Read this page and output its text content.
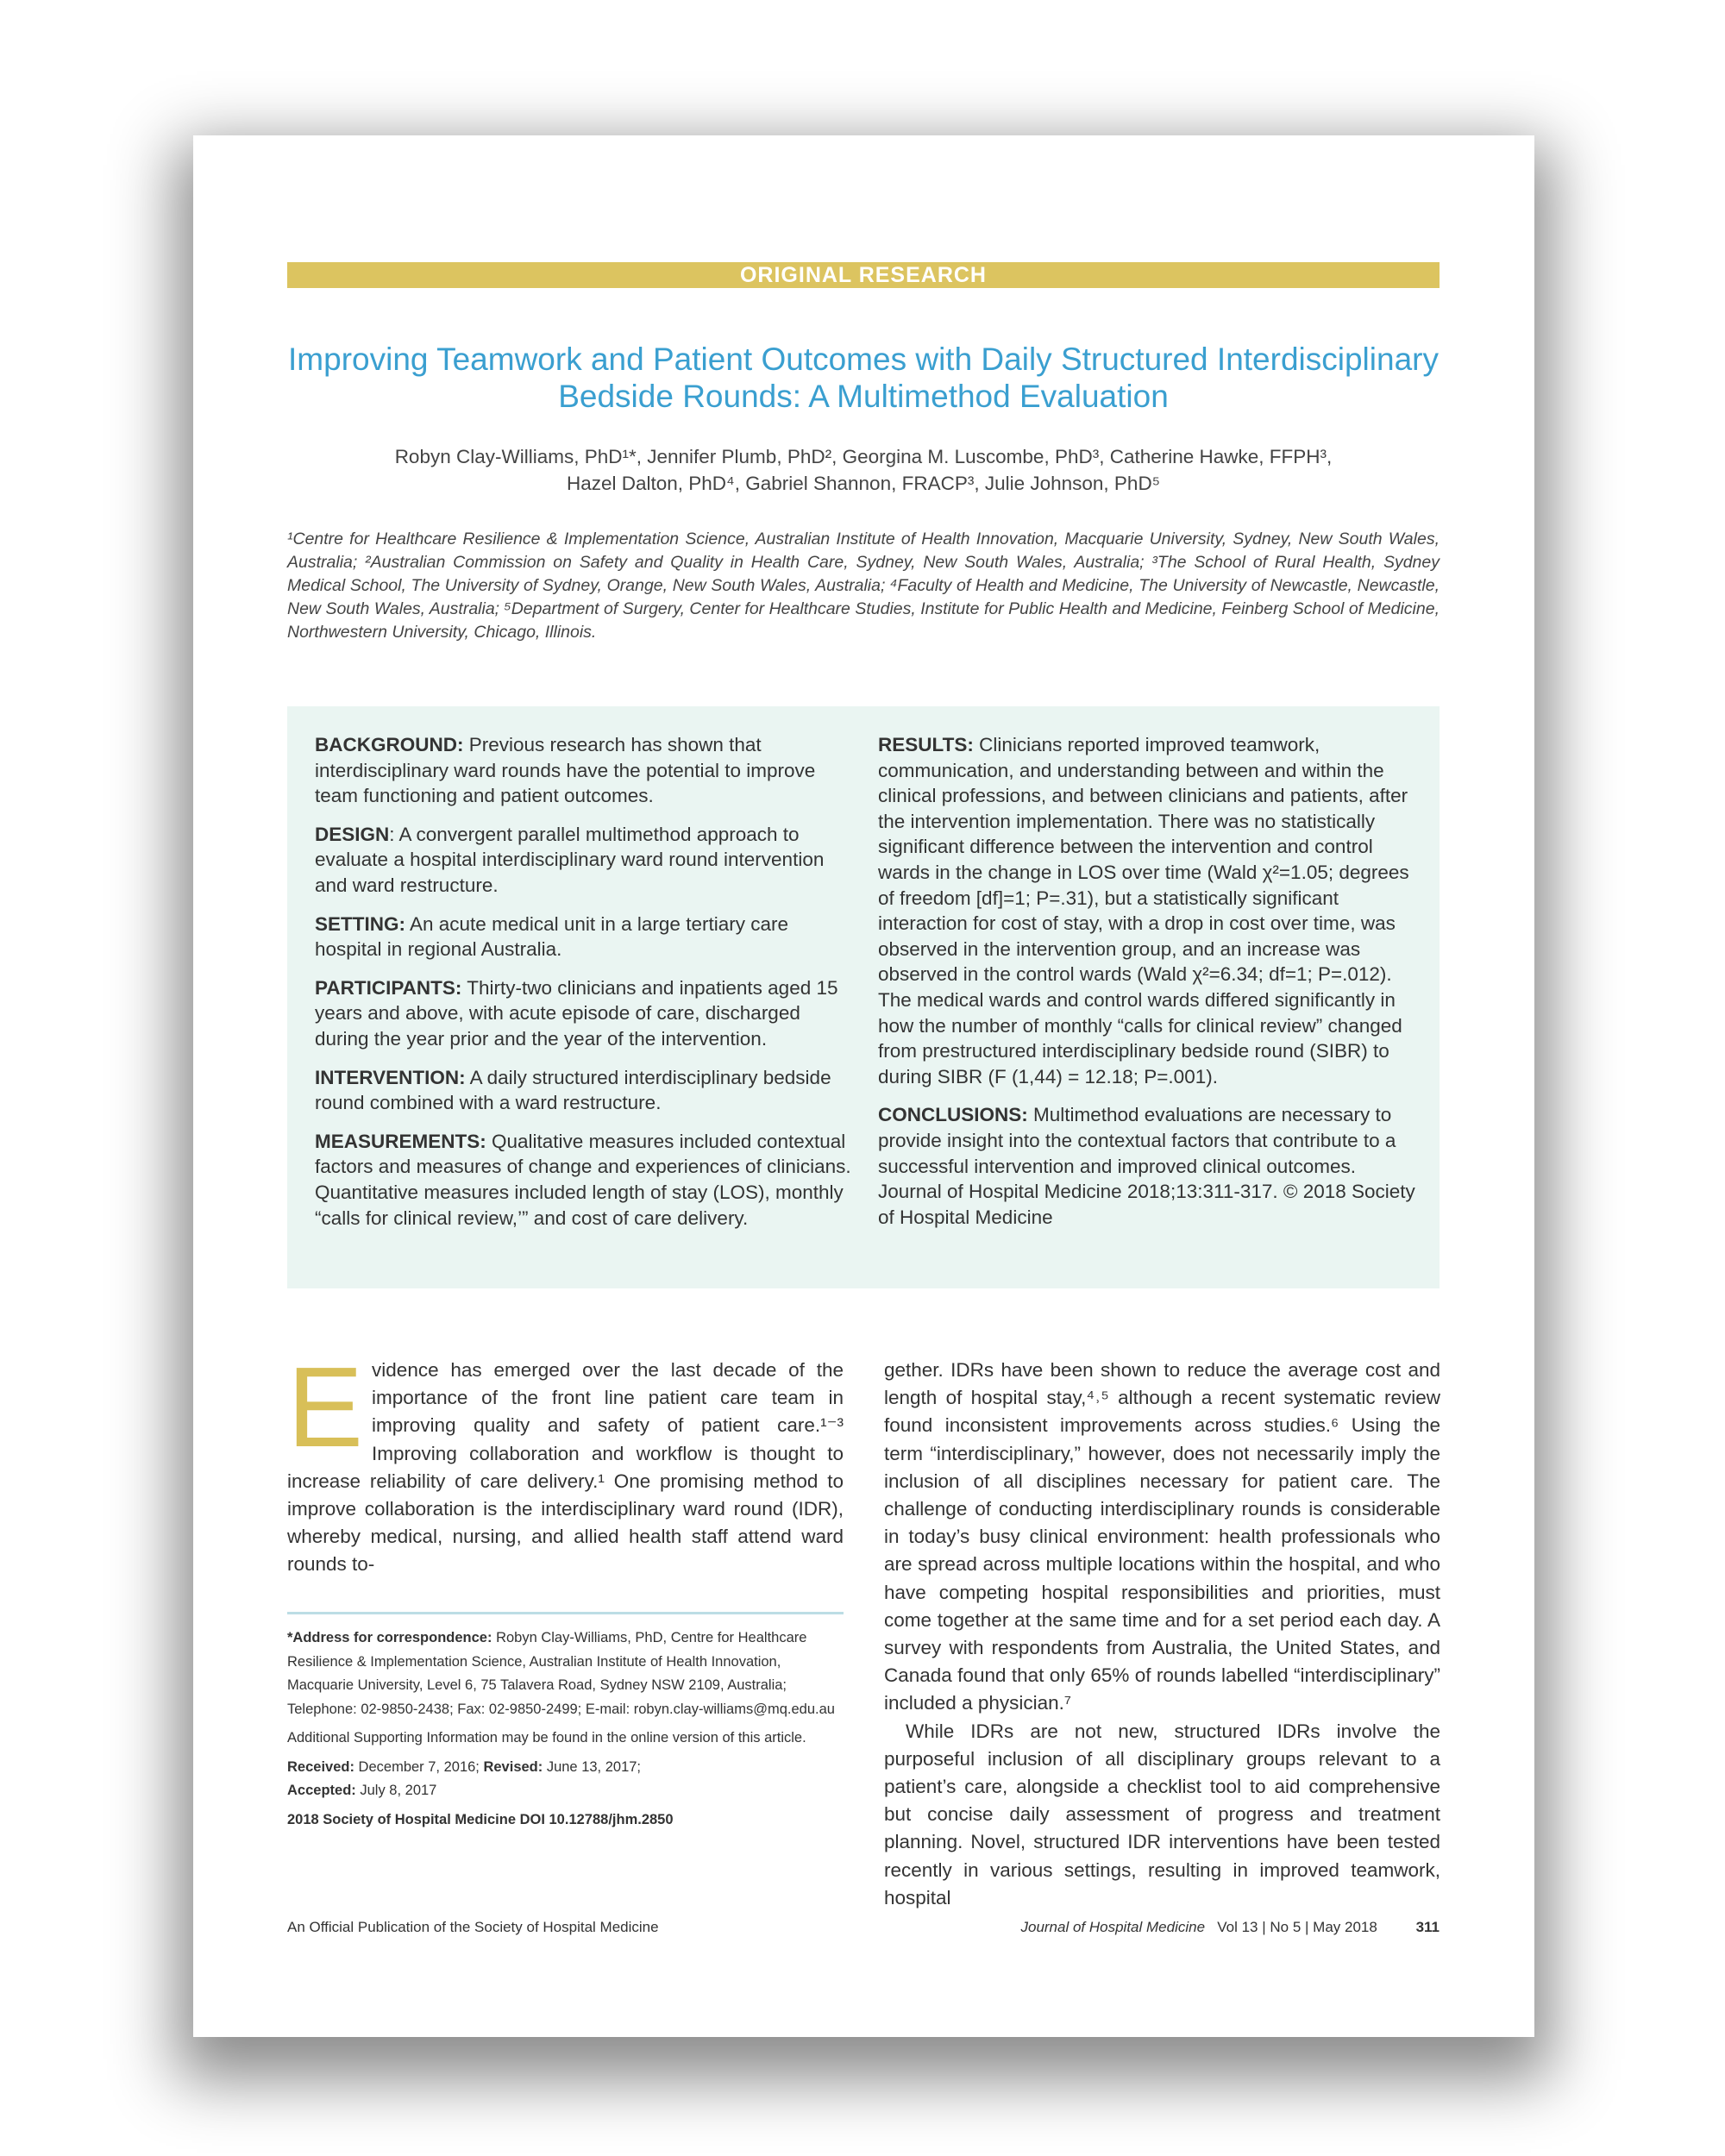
ORIGINAL RESEARCH
Improving Teamwork and Patient Outcomes with Daily Structured Interdisciplinary Bedside Rounds: A Multimethod Evaluation
Robyn Clay-Williams, PhD¹*, Jennifer Plumb, PhD², Georgina M. Luscombe, PhD³, Catherine Hawke, FFPH³,
Hazel Dalton, PhD⁴, Gabriel Shannon, FRACP³, Julie Johnson, PhD⁵
¹Centre for Healthcare Resilience & Implementation Science, Australian Institute of Health Innovation, Macquarie University, Sydney, New South Wales, Australia; ²Australian Commission on Safety and Quality in Health Care, Sydney, New South Wales, Australia; ³The School of Rural Health, Sydney Medical School, The University of Sydney, Orange, New South Wales, Australia; ⁴Faculty of Health and Medicine, The University of Newcastle, Newcastle, New South Wales, Australia; ⁵Department of Surgery, Center for Healthcare Studies, Institute for Public Health and Medicine, Feinberg School of Medicine, Northwestern University, Chicago, Illinois.

BACKGROUND: Previous research has shown that interdisciplinary ward rounds have the potential to improve team functioning and patient outcomes.

DESIGN: A convergent parallel multimethod approach to evaluate a hospital interdisciplinary ward round intervention and ward restructure.

SETTING: An acute medical unit in a large tertiary care hospital in regional Australia.

PARTICIPANTS: Thirty-two clinicians and inpatients aged 15 years and above, with acute episode of care, discharged during the year prior and the year of the intervention.

INTERVENTION: A daily structured interdisciplinary bedside round combined with a ward restructure.

MEASUREMENTS: Qualitative measures included contextual factors and measures of change and experiences of clinicians. Quantitative measures included length of stay (LOS), monthly “calls for clinical review,’” and cost of care delivery.

RESULTS: Clinicians reported improved teamwork, communication, and understanding between and within the clinical professions, and between clinicians and patients, after the intervention implementation. There was no statistically significant difference between the intervention and control wards in the change in LOS over time (Wald χ²=1.05; degrees of freedom [df]=1; P=.31), but a statistically significant interaction for cost of stay, with a drop in cost over time, was observed in the intervention group, and an increase was observed in the control wards (Wald χ²=6.34; df=1; P=.012). The medical wards and control wards differed significantly in how the number of monthly “calls for clinical review” changed from prestructured interdisciplinary bedside round (SIBR) to during SIBR (F (1,44) = 12.18; P=.001).

CONCLUSIONS: Multimethod evaluations are necessary to provide insight into the contextual factors that contribute to a successful intervention and improved clinical outcomes. Journal of Hospital Medicine 2018;13:311-317. © 2018 Society of Hospital Medicine

Evidence has emerged over the last decade of the importance of the front line patient care team in improving quality and safety of patient care.¹⁻³ Improving collaboration and workflow is thought to increase reliability of care delivery.¹ One promising method to improve collaboration is the interdisciplinary ward round (IDR), whereby medical, nursing, and allied health staff attend ward rounds to-

gether. IDRs have been shown to reduce the average cost and length of hospital stay,⁴˒⁵ although a recent systematic review found inconsistent improvements across studies.⁶ Using the term “interdisciplinary,” however, does not necessarily imply the inclusion of all disciplines necessary for patient care. The challenge of conducting interdisciplinary rounds is considerable in today’s busy clinical environment: health professionals who are spread across multiple locations within the hospital, and who have competing hospital responsibilities and priorities, must come together at the same time and for a set period each day. A survey with respondents from Australia, the United States, and Canada found that only 65% of rounds labelled “interdisciplinary” included a physician.⁷

While IDRs are not new, structured IDRs involve the purposeful inclusion of all disciplinary groups relevant to a patient’s care, alongside a checklist tool to aid comprehensive but concise daily assessment of progress and treatment planning. Novel, structured IDR interventions have been tested recently in various settings, resulting in improved teamwork, hospital

*Address for correspondence: Robyn Clay-Williams, PhD, Centre for Healthcare Resilience & Implementation Science, Australian Institute of Health Innovation, Macquarie University, Level 6, 75 Talavera Road, Sydney NSW 2109, Australia; Telephone: 02-9850-2438; Fax: 02-9850-2499; E-mail: robyn.clay-williams@mq.edu.au

Additional Supporting Information may be found in the online version of this article.

Received: December 7, 2016; Revised: June 13, 2017;
Accepted: July 8, 2017

2018 Society of Hospital Medicine DOI 10.12788/jhm.2850

An Official Publication of the Society of Hospital Medicine	Journal of Hospital Medicine Vol 13 | No 5 | May 2018	311
